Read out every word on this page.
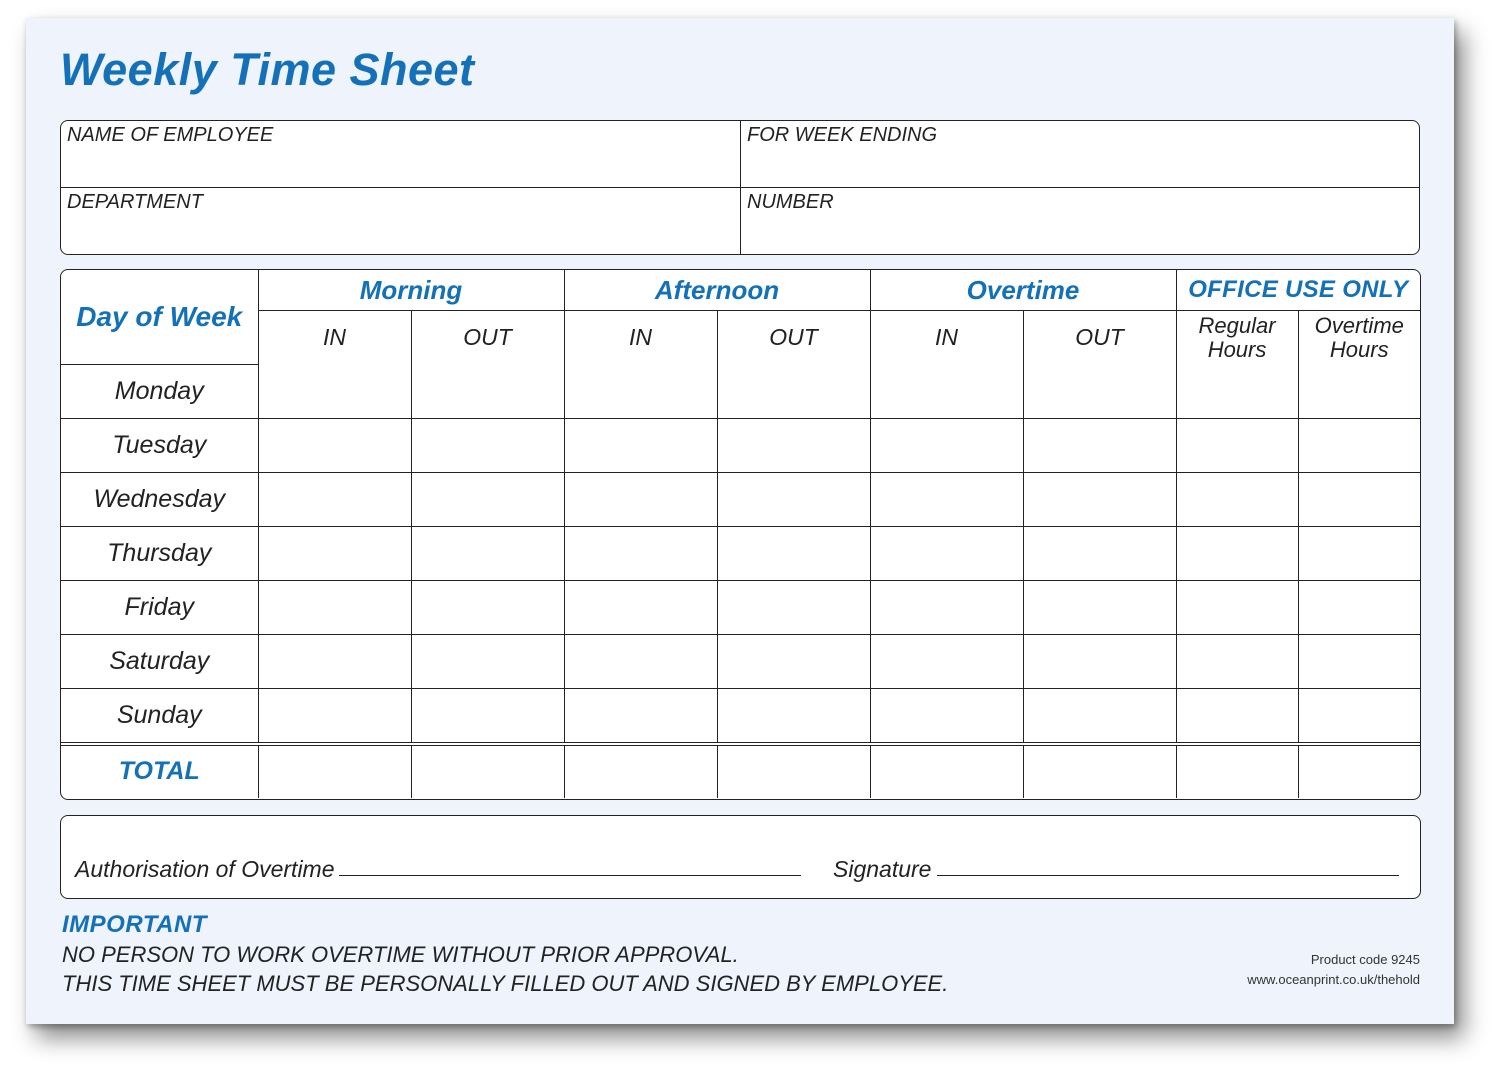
Weekly Time Sheet
NAME OF EMPLOYEE	FOR WEEK ENDING
DEPARTMENT	NUMBER
Day of Week	Morning		Afternoon		Overtime		OFFICE USE ONLY	
	IN	OUT	IN	OUT	IN	OUT	Regular Hours	Overtime Hours
Monday								
Tuesday								
Wednesday								
Thursday								
Friday								
Saturday								
Sunday								
TOTAL								
Authorisation of Overtime	Signature
IMPORTANT
NO PERSON TO WORK OVERTIME WITHOUT PRIOR APPROVAL.
THIS TIME SHEET MUST BE PERSONALLY FILLED OUT AND SIGNED BY EMPLOYEE.
Product code 9245
www.oceanprint.co.uk/thehold
